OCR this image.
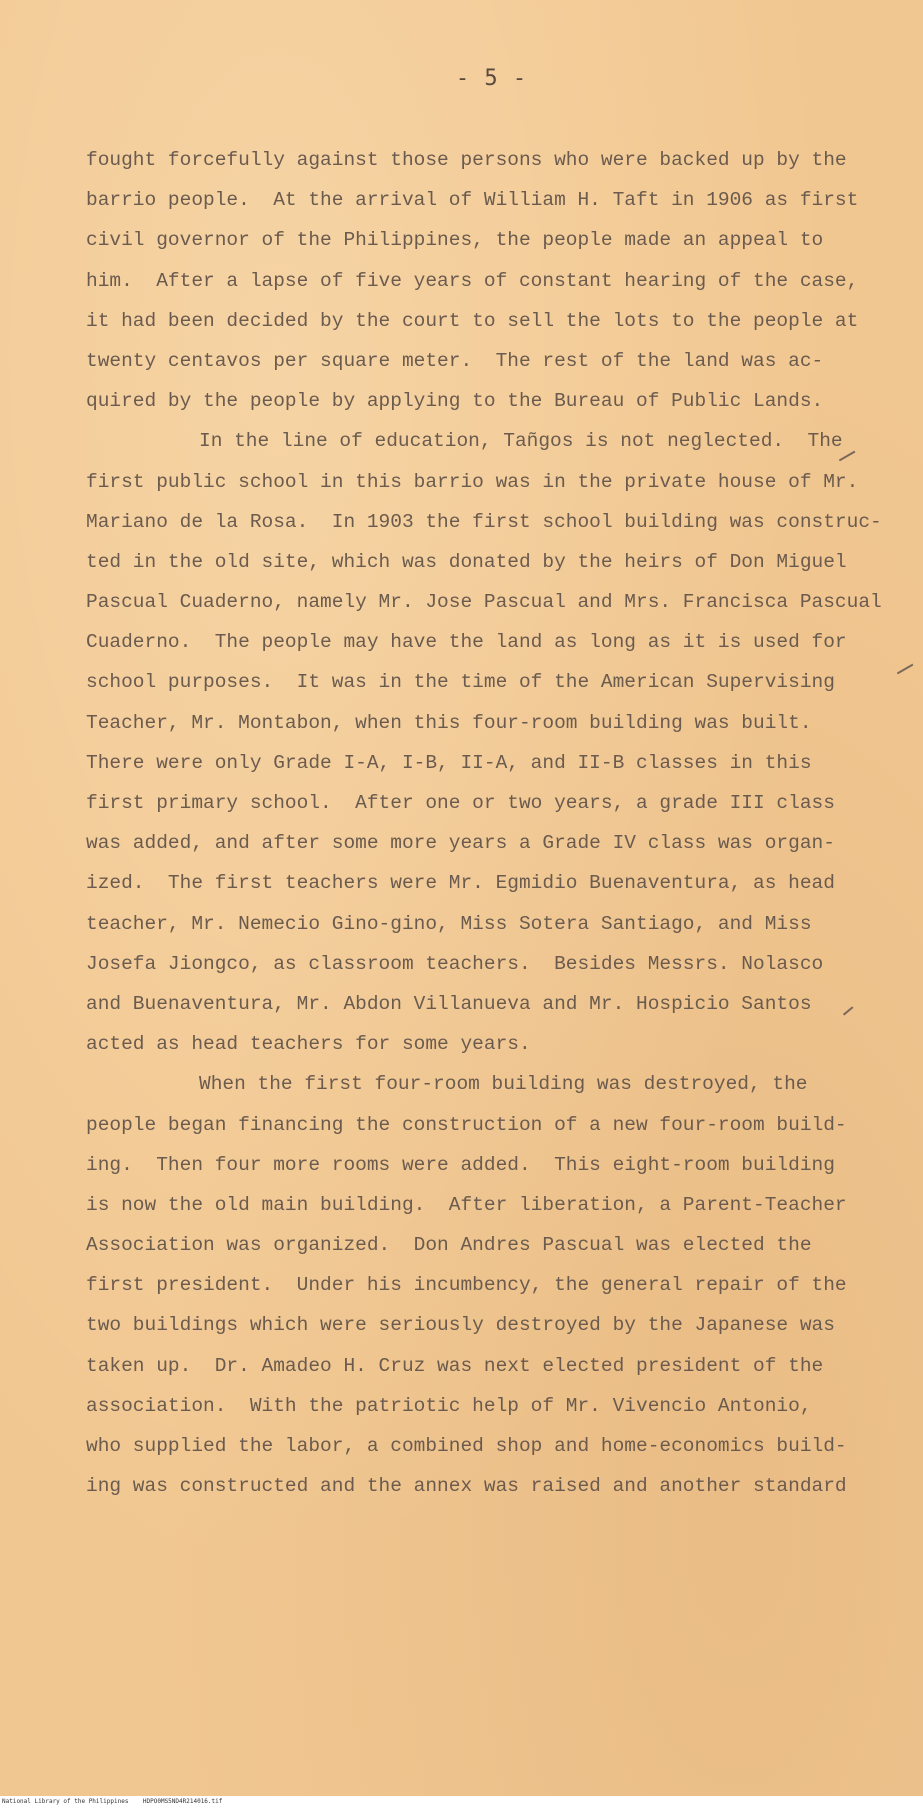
- 5 -
fought forcefully against those persons who were backed up by the
barrio people.  At the arrival of William H. Taft in 1906 as first
civil governor of the Philippines, the people made an appeal to
him.  After a lapse of five years of constant hearing of the case,
it had been decided by the court to sell the lots to the people at
twenty centavos per square meter.  The rest of the land was ac-
quired by the people by applying to the Bureau of Public Lands.
In the line of education, Tañgos is not neglected.  The
first public school in this barrio was in the private house of Mr.
Mariano de la Rosa.  In 1903 the first school building was construc-
ted in the old site, which was donated by the heirs of Don Miguel
Pascual Cuaderno, namely Mr. Jose Pascual and Mrs. Francisca Pascual
Cuaderno.  The people may have the land as long as it is used for
school purposes.  It was in the time of the American Supervising
Teacher, Mr. Montabon, when this four-room building was built.
There were only Grade I-A, I-B, II-A, and II-B classes in this
first primary school.  After one or two years, a grade III class
was added, and after some more years a Grade IV class was organ-
ized.  The first teachers were Mr. Egmidio Buenaventura, as head
teacher, Mr. Nemecio Gino-gino, Miss Sotera Santiago, and Miss
Josefa Jiongco, as classroom teachers.  Besides Messrs. Nolasco
and Buenaventura, Mr. Abdon Villanueva and Mr. Hospicio Santos
acted as head teachers for some years.
When the first four-room building was destroyed, the
people began financing the construction of a new four-room build-
ing.  Then four more rooms were added.  This eight-room building
is now the old main building.  After liberation, a Parent-Teacher
Association was organized.  Don Andres Pascual was elected the
first president.  Under his incumbency, the general repair of the
two buildings which were seriously destroyed by the Japanese was
taken up.  Dr. Amadeo H. Cruz was next elected president of the
association.  With the patriotic help of Mr. Vivencio Antonio,
who supplied the labor, a combined shop and home-economics build-
ing was constructed and the annex was raised and another standard
National Library of the Philippines HDPO0MS5ND4R214016.tif
